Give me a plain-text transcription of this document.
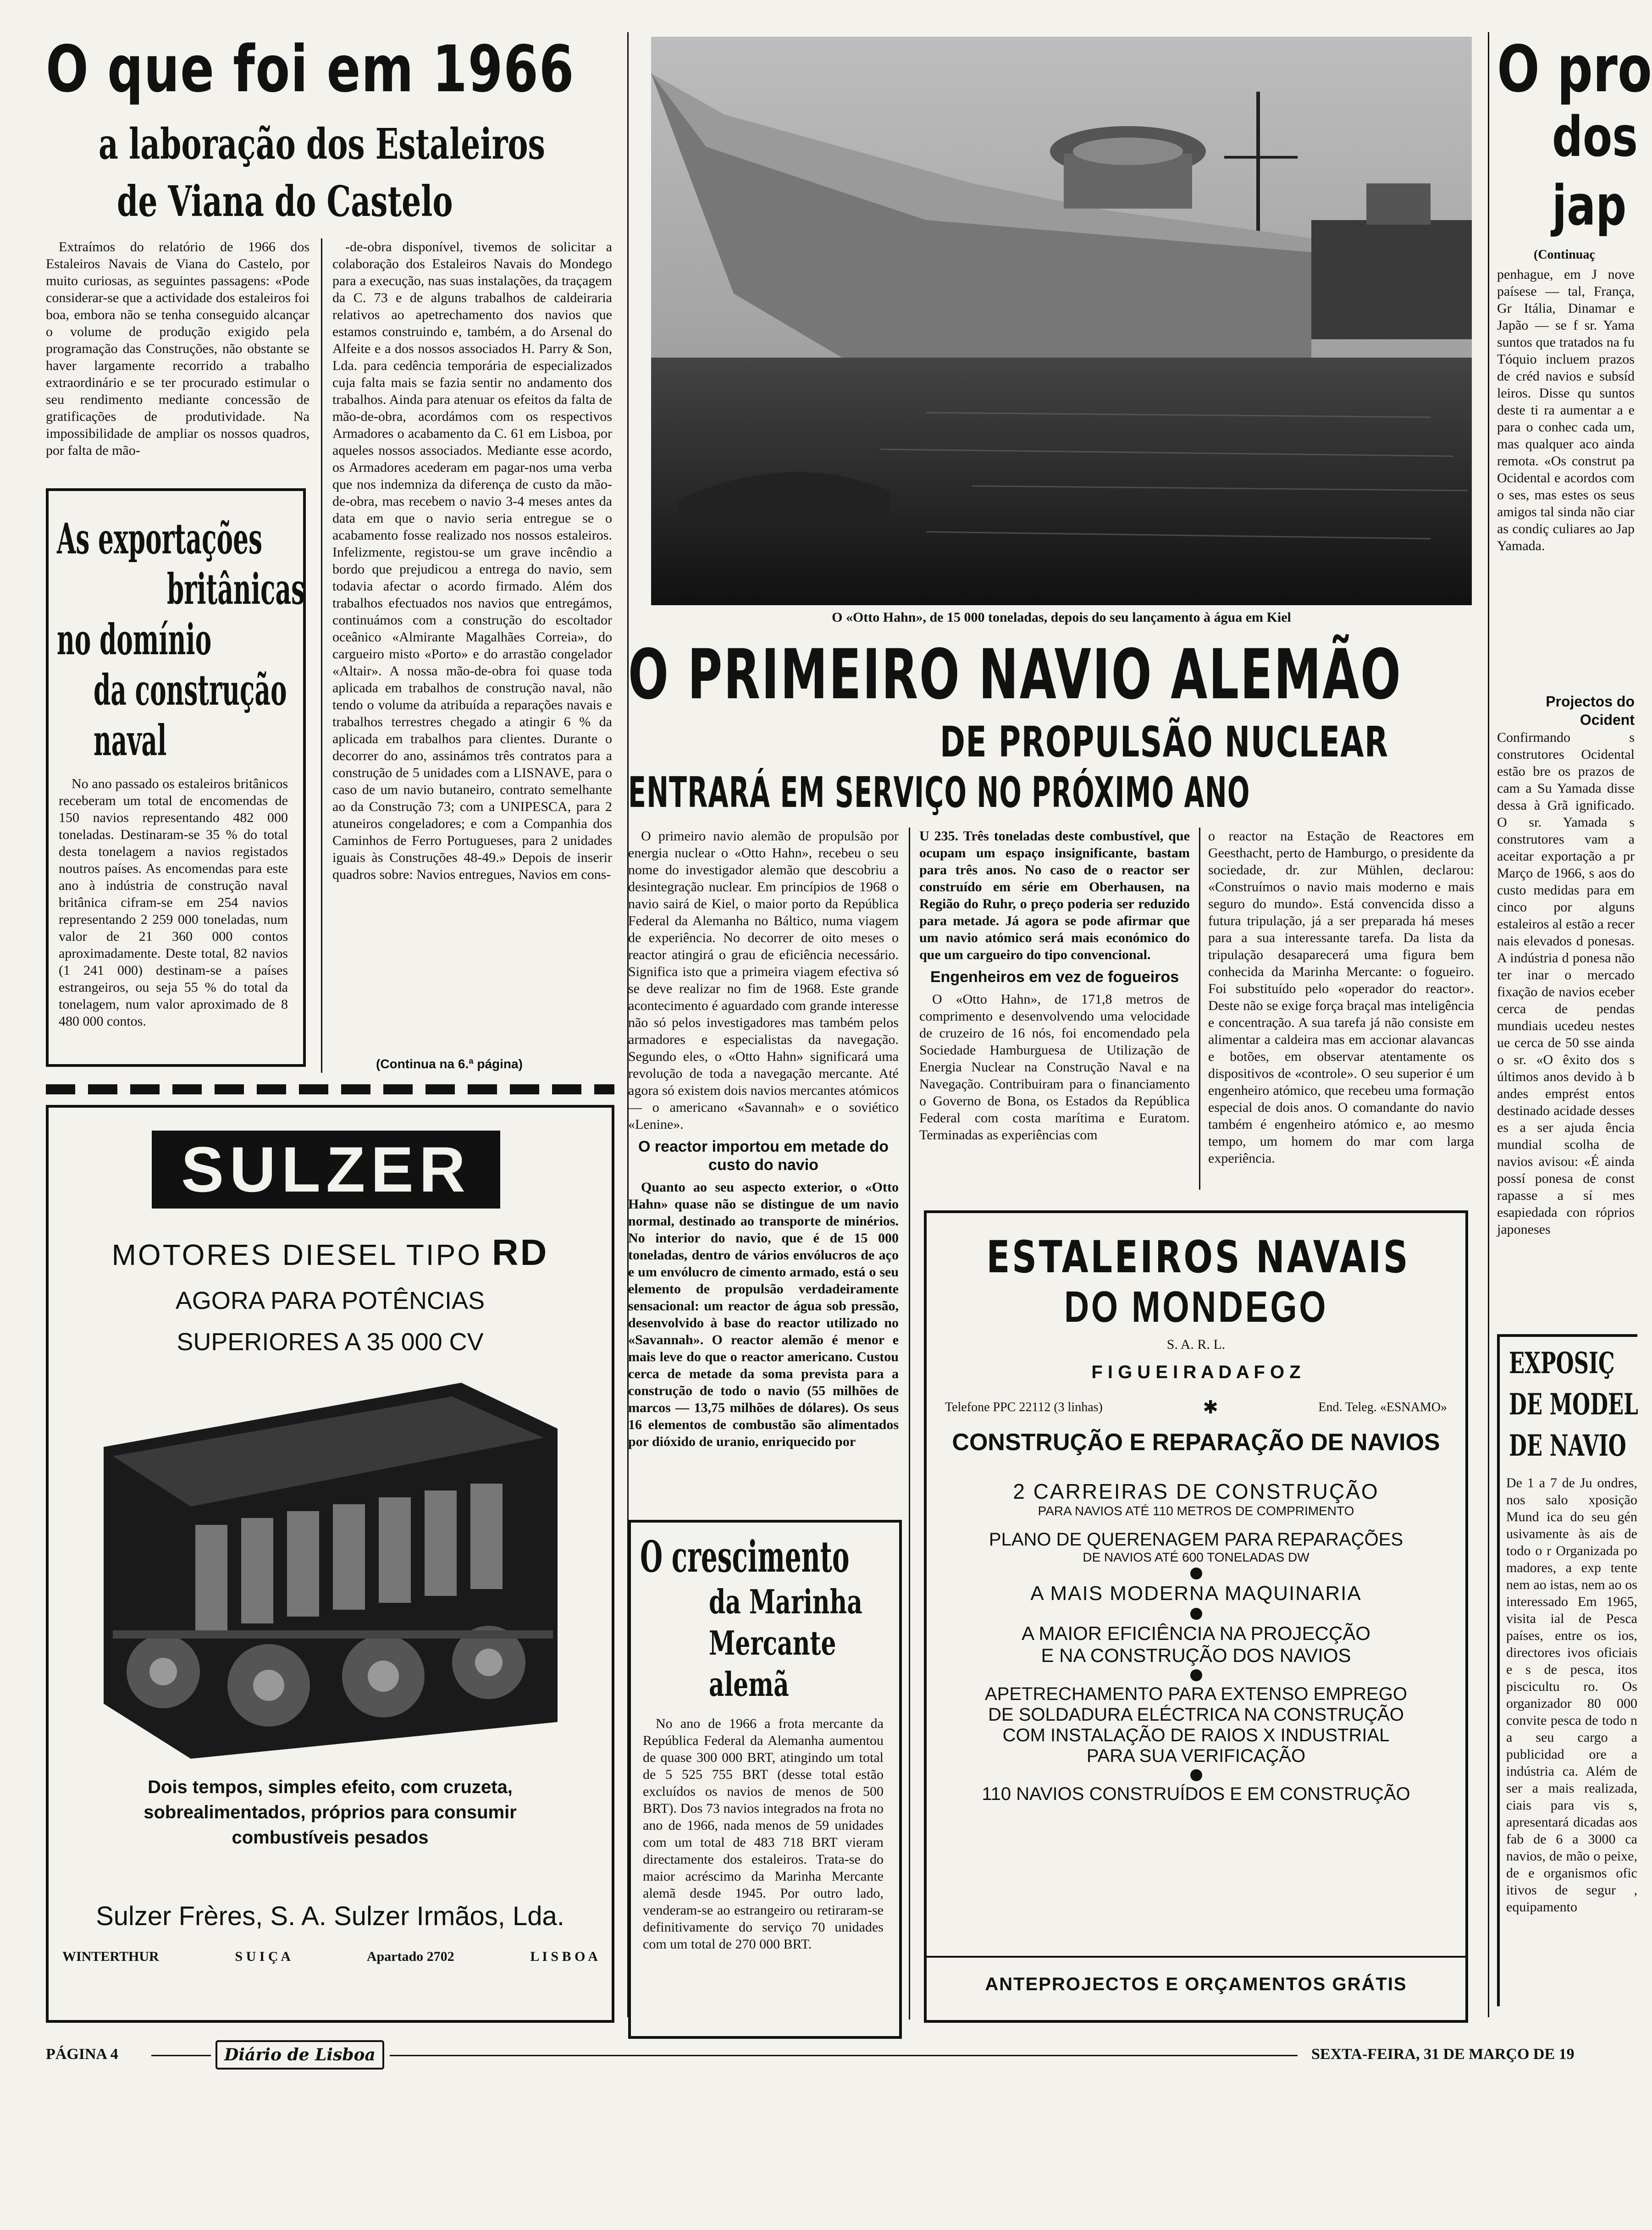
O que foi em 1966
a laboração dos Estaleiros
de Viana do Castelo

Extraímos do relatório de 1966 dos Estaleiros Navais de Viana do Castelo, por muito curiosas, as seguintes passagens: «Pode considerar-se que a actividade dos estaleiros foi boa, embora não se tenha conseguido alcançar o volume de produção exigido pela programação das Construções, não obstante se haver largamente recorrido a trabalho extraordinário e se ter procurado estimular o seu rendimento mediante concessão de gratificações de produtividade. Na impossibilidade de ampliar os nossos quadros, por falta de mão-

-de-obra disponível, tivemos de solicitar a colaboração dos Estaleiros Navais do Mondego para a execução, nas suas instalações, da traçagem da C. 73 e de alguns trabalhos de caldeiraria relativos ao apetrechamento dos navios que estamos construindo e, também, a do Arsenal do Alfeite e a dos nossos associados H. Parry & Son, Lda. para cedência temporária de especializados cuja falta mais se fazia sentir no andamento dos trabalhos. Ainda para atenuar os efeitos da falta de mão-de-obra, acordámos com os respectivos Armadores o acabamento da C. 61 em Lisboa, por aqueles nossos associados. Mediante esse acordo, os Armadores acederam em pagar-nos uma verba que nos indemniza da diferença de custo da mão-de-obra, mas recebem o navio 3-4 meses antes da data em que o navio seria entregue se o acabamento fosse realizado nos nossos estaleiros. Infelizmente, registou-se um grave incêndio a bordo que prejudicou a entrega do navio, sem todavia afectar o acordo firmado. Além dos trabalhos efectuados nos navios que entregámos, continuámos com a construção do escoltador oceânico «Almirante Magalhães Correia», do cargueiro misto «Porto» e do arrastão congelador «Altair». A nossa mão-de-obra foi quase toda aplicada em trabalhos de construção naval, não tendo o volume da atribuída a reparações navais e trabalhos terrestres chegado a atingir 6 % da aplicada em trabalhos para clientes. Durante o decorrer do ano, assinámos três contratos para a construção de 5 unidades com a LISNAVE, para o caso de um navio butaneiro, contrato semelhante ao da Construção 73; com a UNIPESCA, para 2 atuneiros congeladores; e com a Companhia dos Caminhos de Ferro Portugueses, para 2 unidades iguais às Construções 48-49.» Depois de inserir quadros sobre: Navios entregues, Navios em cons-

(Continua na 6.ª página)
As exportações
britânicas
no domínio
da construção
naval

No ano passado os estaleiros britânicos receberam um total de encomendas de 150 navios representando 482 000 toneladas. Destinaram-se 35 % do total desta tonelagem a navios registados noutros países. As encomendas para este ano à indústria de construção naval britânica cifram-se em 254 navios representando 2 259 000 toneladas, num valor de 21 360 000 contos aproximadamente. Deste total, 82 navios (1 241 000) destinam-se a países estrangeiros, ou seja 55 % do total da tonelagem, num valor aproximado de 8 480 000 contos.

SULZER
MOTORES DIESEL TIPO RD
AGORA PARA POTÊNCIAS
SUPERIORES A 35 000 CV
Dois tempos, simples efeito, com cruzeta,
sobrealimentados, próprios para consumir
combustíveis pesados
Sulzer Frères, S. A. Sulzer Irmãos, Lda.
WINTERTHUR	S U I Ç A	Apartado 2702	L I S B O A
O «Otto Hahn», de 15 000 toneladas, depois do seu lançamento à água em Kiel
O PRIMEIRO NAVIO ALEMÃO
DE PROPULSÃO NUCLEAR
ENTRARÁ EM SERVIÇO NO PRÓXIMO ANO

O primeiro navio alemão de propulsão por energia nuclear o «Otto Hahn», recebeu o seu nome do investigador alemão que descobriu a desintegração nuclear. Em princípios de 1968 o navio sairá de Kiel, o maior porto da República Federal da Alemanha no Báltico, numa viagem de experiência. No decorrer de oito meses o reactor atingirá o grau de eficiência necessário. Significa isto que a primeira viagem efectiva só se deve realizar no fim de 1968. Este grande acontecimento é aguardado com grande interesse não só pelos investigadores mas também pelos armadores e especialistas da navegação. Segundo eles, o «Otto Hahn» significará uma revolução de toda a navegação mercante. Até agora só existem dois navios mercantes atómicos — o americano «Savannah» e o soviético «Lenine».

O reactor importou em metade do custo do navio

Quanto ao seu aspecto exterior, o «Otto Hahn» quase não se distingue de um navio normal, destinado ao transporte de minérios. No interior do navio, que é de 15 000 toneladas, dentro de vários envólucros de aço e um envólucro de cimento armado, está o seu elemento de propulsão verdadeiramente sensacional: um reactor de água sob pressão, desenvolvido à base do reactor utilizado no «Savannah». O reactor alemão é menor e mais leve do que o reactor americano. Custou cerca de metade da soma prevista para a construção de todo o navio (55 milhões de marcos — 13,75 milhões de dólares). Os seus 16 elementos de combustão são alimentados por dióxido de uranio, enriquecido por

U 235. Três toneladas deste combustível, que ocupam um espaço insignificante, bastam para três anos. No caso de o reactor ser construído em série em Oberhausen, na Região do Ruhr, o preço poderia ser reduzido para metade. Já agora se pode afirmar que um navio atómico será mais económico do que um cargueiro do tipo convencional.

Engenheiros em vez de fogueiros

O «Otto Hahn», de 171,8 metros de comprimento e desenvolvendo uma velocidade de cruzeiro de 16 nós, foi encomendado pela Sociedade Hamburguesa de Utilização de Energia Nuclear na Construção Naval e na Navegação. Contribuiram para o financiamento o Governo de Bona, os Estados da República Federal com costa marítima e Euratom. Terminadas as experiências com

o reactor na Estação de Reactores em Geesthacht, perto de Hamburgo, o presidente da sociedade, dr. zur Mühlen, declarou: «Construímos o navio mais moderno e mais seguro do mundo». Está convencida disso a futura tripulação, já a ser preparada há meses para a sua interessante tarefa. Da lista da tripulação desaparecerá uma figura bem conhecida da Marinha Mercante: o fogueiro. Foi substituído pelo «operador do reactor». Deste não se exige força braçal mas inteligência e concentração. A sua tarefa já não consiste em alimentar a caldeira mas em accionar alavancas e botões, em observar atentamente os dispositivos de «controle». O seu superior é um engenheiro atómico, que recebeu uma formação especial de dois anos. O comandante do navio também é engenheiro atómico e, ao mesmo tempo, um homem do mar com larga experiência.

O crescimento
da Marinha
Mercante
alemã

No ano de 1966 a frota mercante da República Federal da Alemanha aumentou de quase 300 000 BRT, atingindo um total de 5 525 755 BRT (desse total estão excluídos os navios de menos de 500 BRT). Dos 73 navios integrados na frota no ano de 1966, nada menos de 59 unidades com um total de 483 718 BRT vieram directamente dos estaleiros. Trata-se do maior acréscimo da Marinha Mercante alemã desde 1945. Por outro lado, venderam-se ao estrangeiro ou retiraram-se definitivamente do serviço 70 unidades com um total de 270 000 BRT.

ESTALEIROS NAVAIS
DO MONDEGO
S. A. R. L.
F I G U E I R A D A F O Z
Telefone PPC 22112 (3 linhas)	✱	End. Teleg. «ESNAMO»
CONSTRUÇÃO E REPARAÇÃO DE NAVIOS
2 CARREIRAS DE CONSTRUÇÃO
PARA NAVIOS ATÉ 110 METROS DE COMPRIMENTO
PLANO DE QUERENAGEM PARA REPARAÇÕES
DE NAVIOS ATÉ 600 TONELADAS DW
A MAIS MODERNA MAQUINARIA
A MAIOR EFICIÊNCIA NA PROJECÇÃO
E NA CONSTRUÇÃO DOS NAVIOS
APETRECHAMENTO PARA EXTENSO EMPREGO
DE SOLDADURA ELÉCTRICA NA CONSTRUÇÃO
COM INSTALAÇÃO DE RAIOS X INDUSTRIAL
PARA SUA VERIFICAÇÃO
110 NAVIOS CONSTRUÍDOS E EM CONSTRUÇÃO
ANTEPROJECTOS E ORÇAMENTOS GRÁTIS
O pro
dos
jap
(Continuaç

penhague, em J nove paísese — tal, França, Gr Itália, Dinamar e Japão — se f sr. Yama suntos que tratados na fu Tóquio incluem prazos de créd navios e subsíd leiros. Disse qu suntos deste ti ra aumentar a e para o conhec cada um, mas qualquer aco ainda remota. «Os construt pa Ocidental e acordos com o ses, mas estes os seus amigos tal sinda não ciar as condiç culiares ao Jap Yamada.

Projectos do Ocident

Confirmando s construtores Ocidental estão bre os prazos de cam a Su Yamada disse dessa à Grã ignificado. O sr. Yamada s construtores vam a aceitar exportação a pr Março de 1966, s aos do custo medidas para em cinco por alguns estaleiros al estão a recer nais elevados d ponesas. A indústria d ponesa não ter inar o mercado fixação de navios eceber cerca de pendas mundiais ucedeu nestes ue cerca de 50 sse ainda o sr. «O êxito dos s últimos anos devido à b andes emprést entos destinado acidade desses es a ser ajuda ência mundial scolha de navios avisou: «É ainda possí ponesa de const rapasse a sí mes esapiedada con róprios japoneses

EXPOSIÇ
DE MODEL
DE NAVIO

De 1 a 7 de Ju ondres, nos salo xposição Mund ica do seu gén usivamente às ais de todo o r Organizada po madores, a exp tente nem ao istas, nem ao os interessado Em 1965, visita ial de Pesca países, entre os ios, directores ivos oficiais e s de pesca, itos piscicultu ro. Os organizador 80 000 convite pesca de todo n a seu cargo a publicidad ore a indústria ca. Além de ser a mais realizada, ciais para vis s, apresentará dicadas aos fab de 6 a 3000 ca navios, de mão o peixe, de e organismos ofic itivos de segur , equipamento

PÁGINA 4	Diário de Lisboa	SEXTA-FEIRA, 31 DE MARÇO DE 19
